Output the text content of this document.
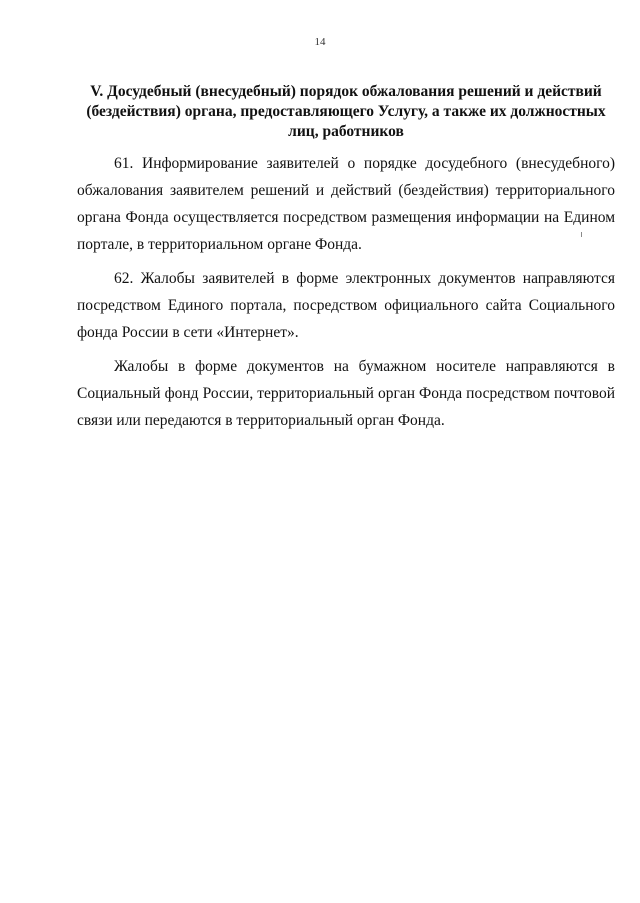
14
V. Досудебный (внесудебный) порядок обжалования решений и действий
(бездействия) органа, предоставляющего Услугу, а также их должностных
лиц, работников

61. Информирование заявителей о порядке досудебного (внесудебного)
обжалования заявителем решений и действий (бездействия) территориального
органа Фонда осуществляется посредством размещения информации на Едином
портале, в территориальном органе Фонда.

62. Жалобы заявителей в форме электронных документов направляются
посредством Единого портала, посредством официального сайта Социального
фонда России в сети «Интернет».

Жалобы в форме документов на бумажном носителе направляются в
Социальный фонд России, территориальный орган Фонда посредством почтовой
связи или передаются в территориальный орган Фонда.
